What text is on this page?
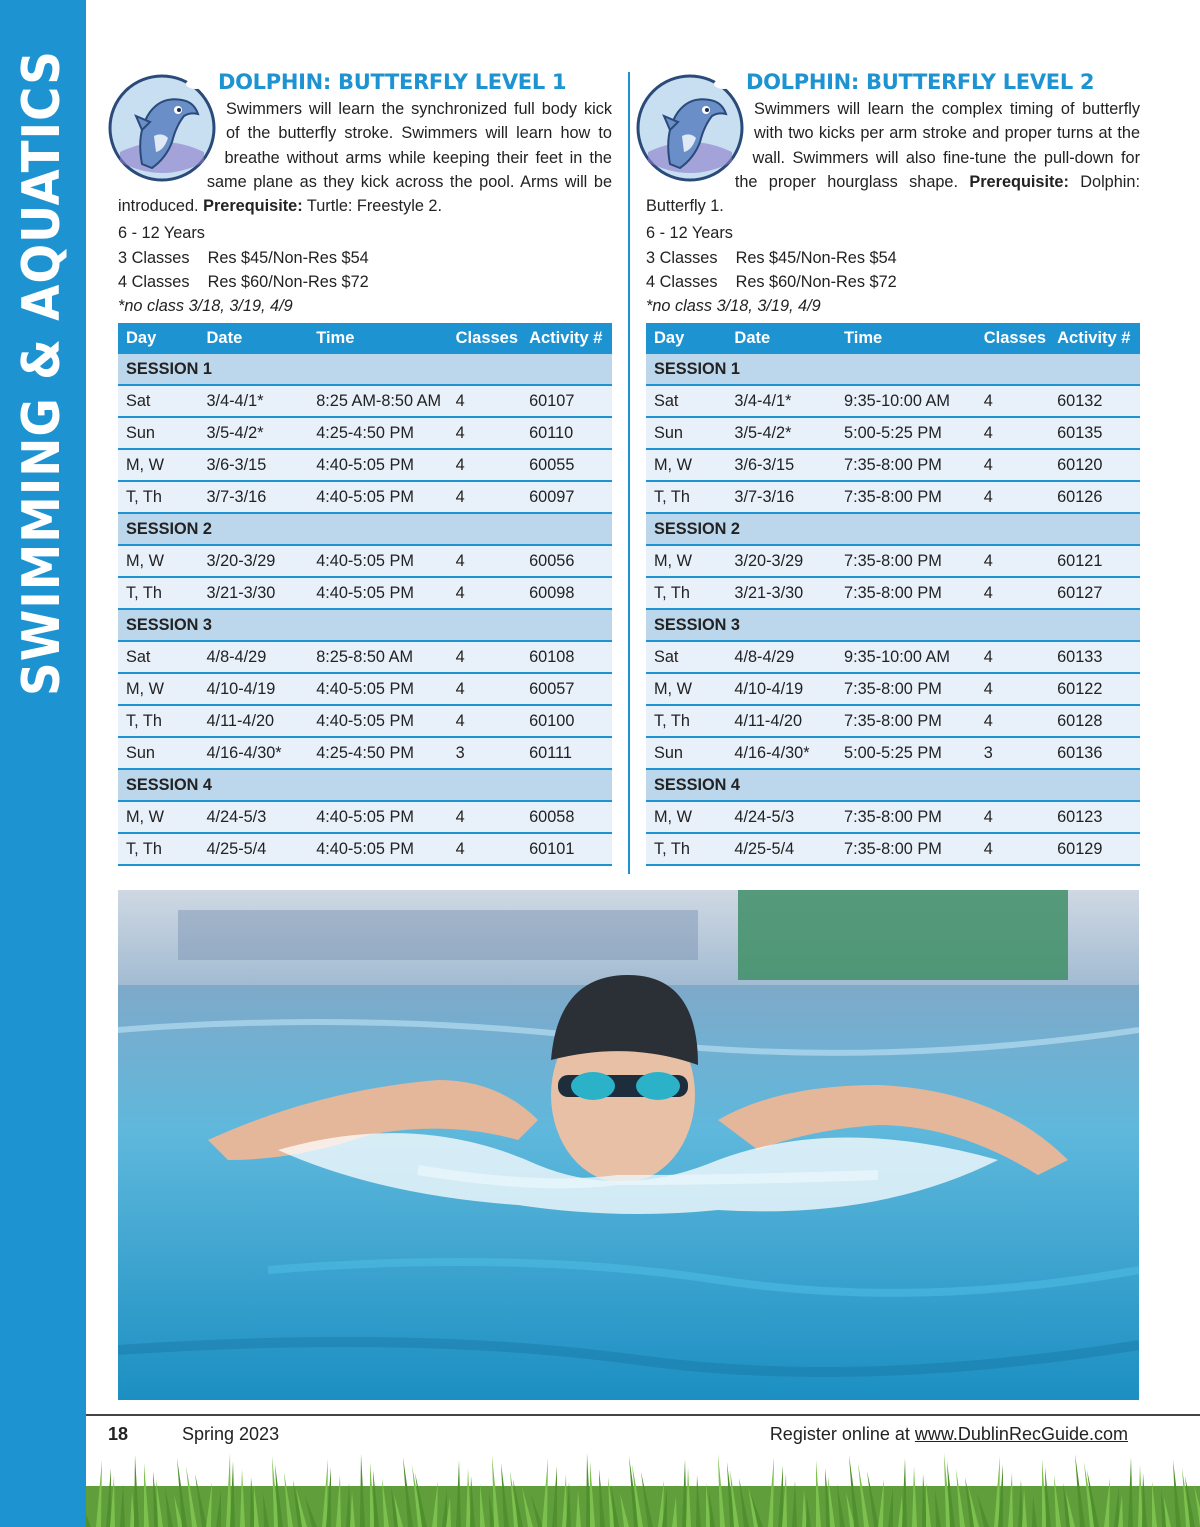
SWIMMING & AQUATICS	DOLPHIN: BUTTERFLY LEVEL 1

Swimmers will learn the synchronized full body kick of the butterfly stroke. Swimmers will learn how to breathe without arms while keeping their feet in the same plane as they kick across the pool. Arms will be introduced. Prerequisite: Turtle: Freestyle 2.

6 - 12 Years
3 Classes    Res $45/Non-Res $54
4 Classes    Res $60/Non-Res $72
*no class 3/18, 3/19, 4/9
Day	Date	Time	Classes	Activity #
SESSION 1				
Sat	3/4-4/1*	8:25 AM-8:50 AM	4	60107
Sun	3/5-4/2*	4:25-4:50 PM	4	60110
M, W	3/6-3/15	4:40-5:05 PM	4	60055
T, Th	3/7-3/16	4:40-5:05 PM	4	60097
SESSION 2				
M, W	3/20-3/29	4:40-5:05 PM	4	60056
T, Th	3/21-3/30	4:40-5:05 PM	4	60098
SESSION 3				
Sat	4/8-4/29	8:25-8:50 AM	4	60108
M, W	4/10-4/19	4:40-5:05 PM	4	60057
T, Th	4/11-4/20	4:40-5:05 PM	4	60100
Sun	4/16-4/30*	4:25-4:50 PM	3	60111
SESSION 4				
M, W	4/24-5/3	4:40-5:05 PM	4	60058
T, Th	4/25-5/4	4:40-5:05 PM	4	60101
DOLPHIN: BUTTERFLY LEVEL 2

Swimmers will learn the complex timing of butterfly with two kicks per arm stroke and proper turns at the wall. Swimmers will also fine-tune the pull-down for the proper hourglass shape. Prerequisite: Dolphin: Butterfly 1.

6 - 12 Years
3 Classes    Res $45/Non-Res $54
4 Classes    Res $60/Non-Res $72
*no class 3/18, 3/19, 4/9
Day	Date	Time	Classes	Activity #
SESSION 1				
Sat	3/4-4/1*	9:35-10:00 AM	4	60132
Sun	3/5-4/2*	5:00-5:25 PM	4	60135
M, W	3/6-3/15	7:35-8:00 PM	4	60120
T, Th	3/7-3/16	7:35-8:00 PM	4	60126
SESSION 2				
M, W	3/20-3/29	7:35-8:00 PM	4	60121
T, Th	3/21-3/30	7:35-8:00 PM	4	60127
SESSION 3				
Sat	4/8-4/29	9:35-10:00 AM	4	60133
M, W	4/10-4/19	7:35-8:00 PM	4	60122
T, Th	4/11-4/20	7:35-8:00 PM	4	60128
Sun	4/16-4/30*	5:00-5:25 PM	3	60136
SESSION 4				
M, W	4/24-5/3	7:35-8:00 PM	4	60123
T, Th	4/25-5/4	7:35-8:00 PM	4	60129
18	Spring 2023	Register online at www.DublinRecGuide.com
